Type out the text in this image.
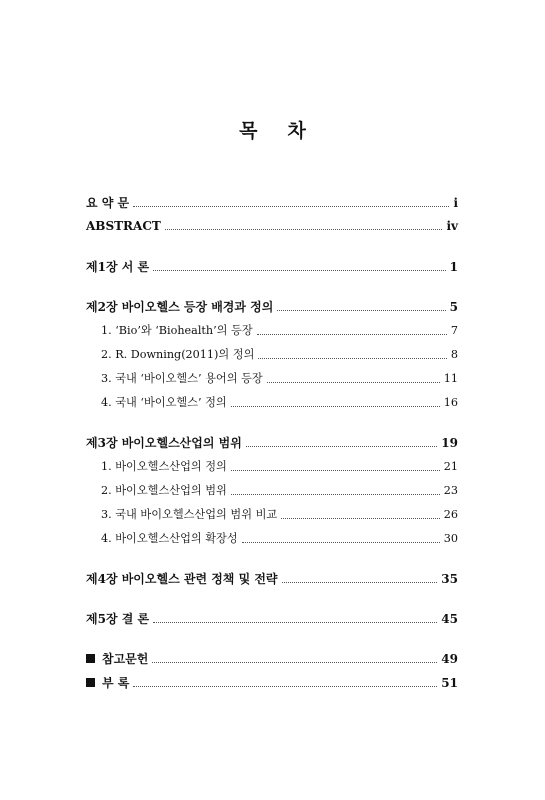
목 차
요 약 문	i
ABSTRACT	iv
제1장 서 론	1
제2장 바이오헬스 등장 배경과 정의	5
1. ‘Bio’와 ‘Biohealth’의 등장	7
2. R. Downing(2011)의 정의	8
3. 국내 ‘바이오헬스’ 용어의 등장	11
4. 국내 ‘바이오헬스’ 정의	16
제3장 바이오헬스산업의 범위	19
1. 바이오헬스산업의 정의	21
2. 바이오헬스산업의 범위	23
3. 국내 바이오헬스산업의 범위 비교	26
4. 바이오헬스산업의 확장성	30
제4장 바이오헬스 관련 정책 및 전략	35
제5장 결 론	45
참고문헌	49
부 록	51
